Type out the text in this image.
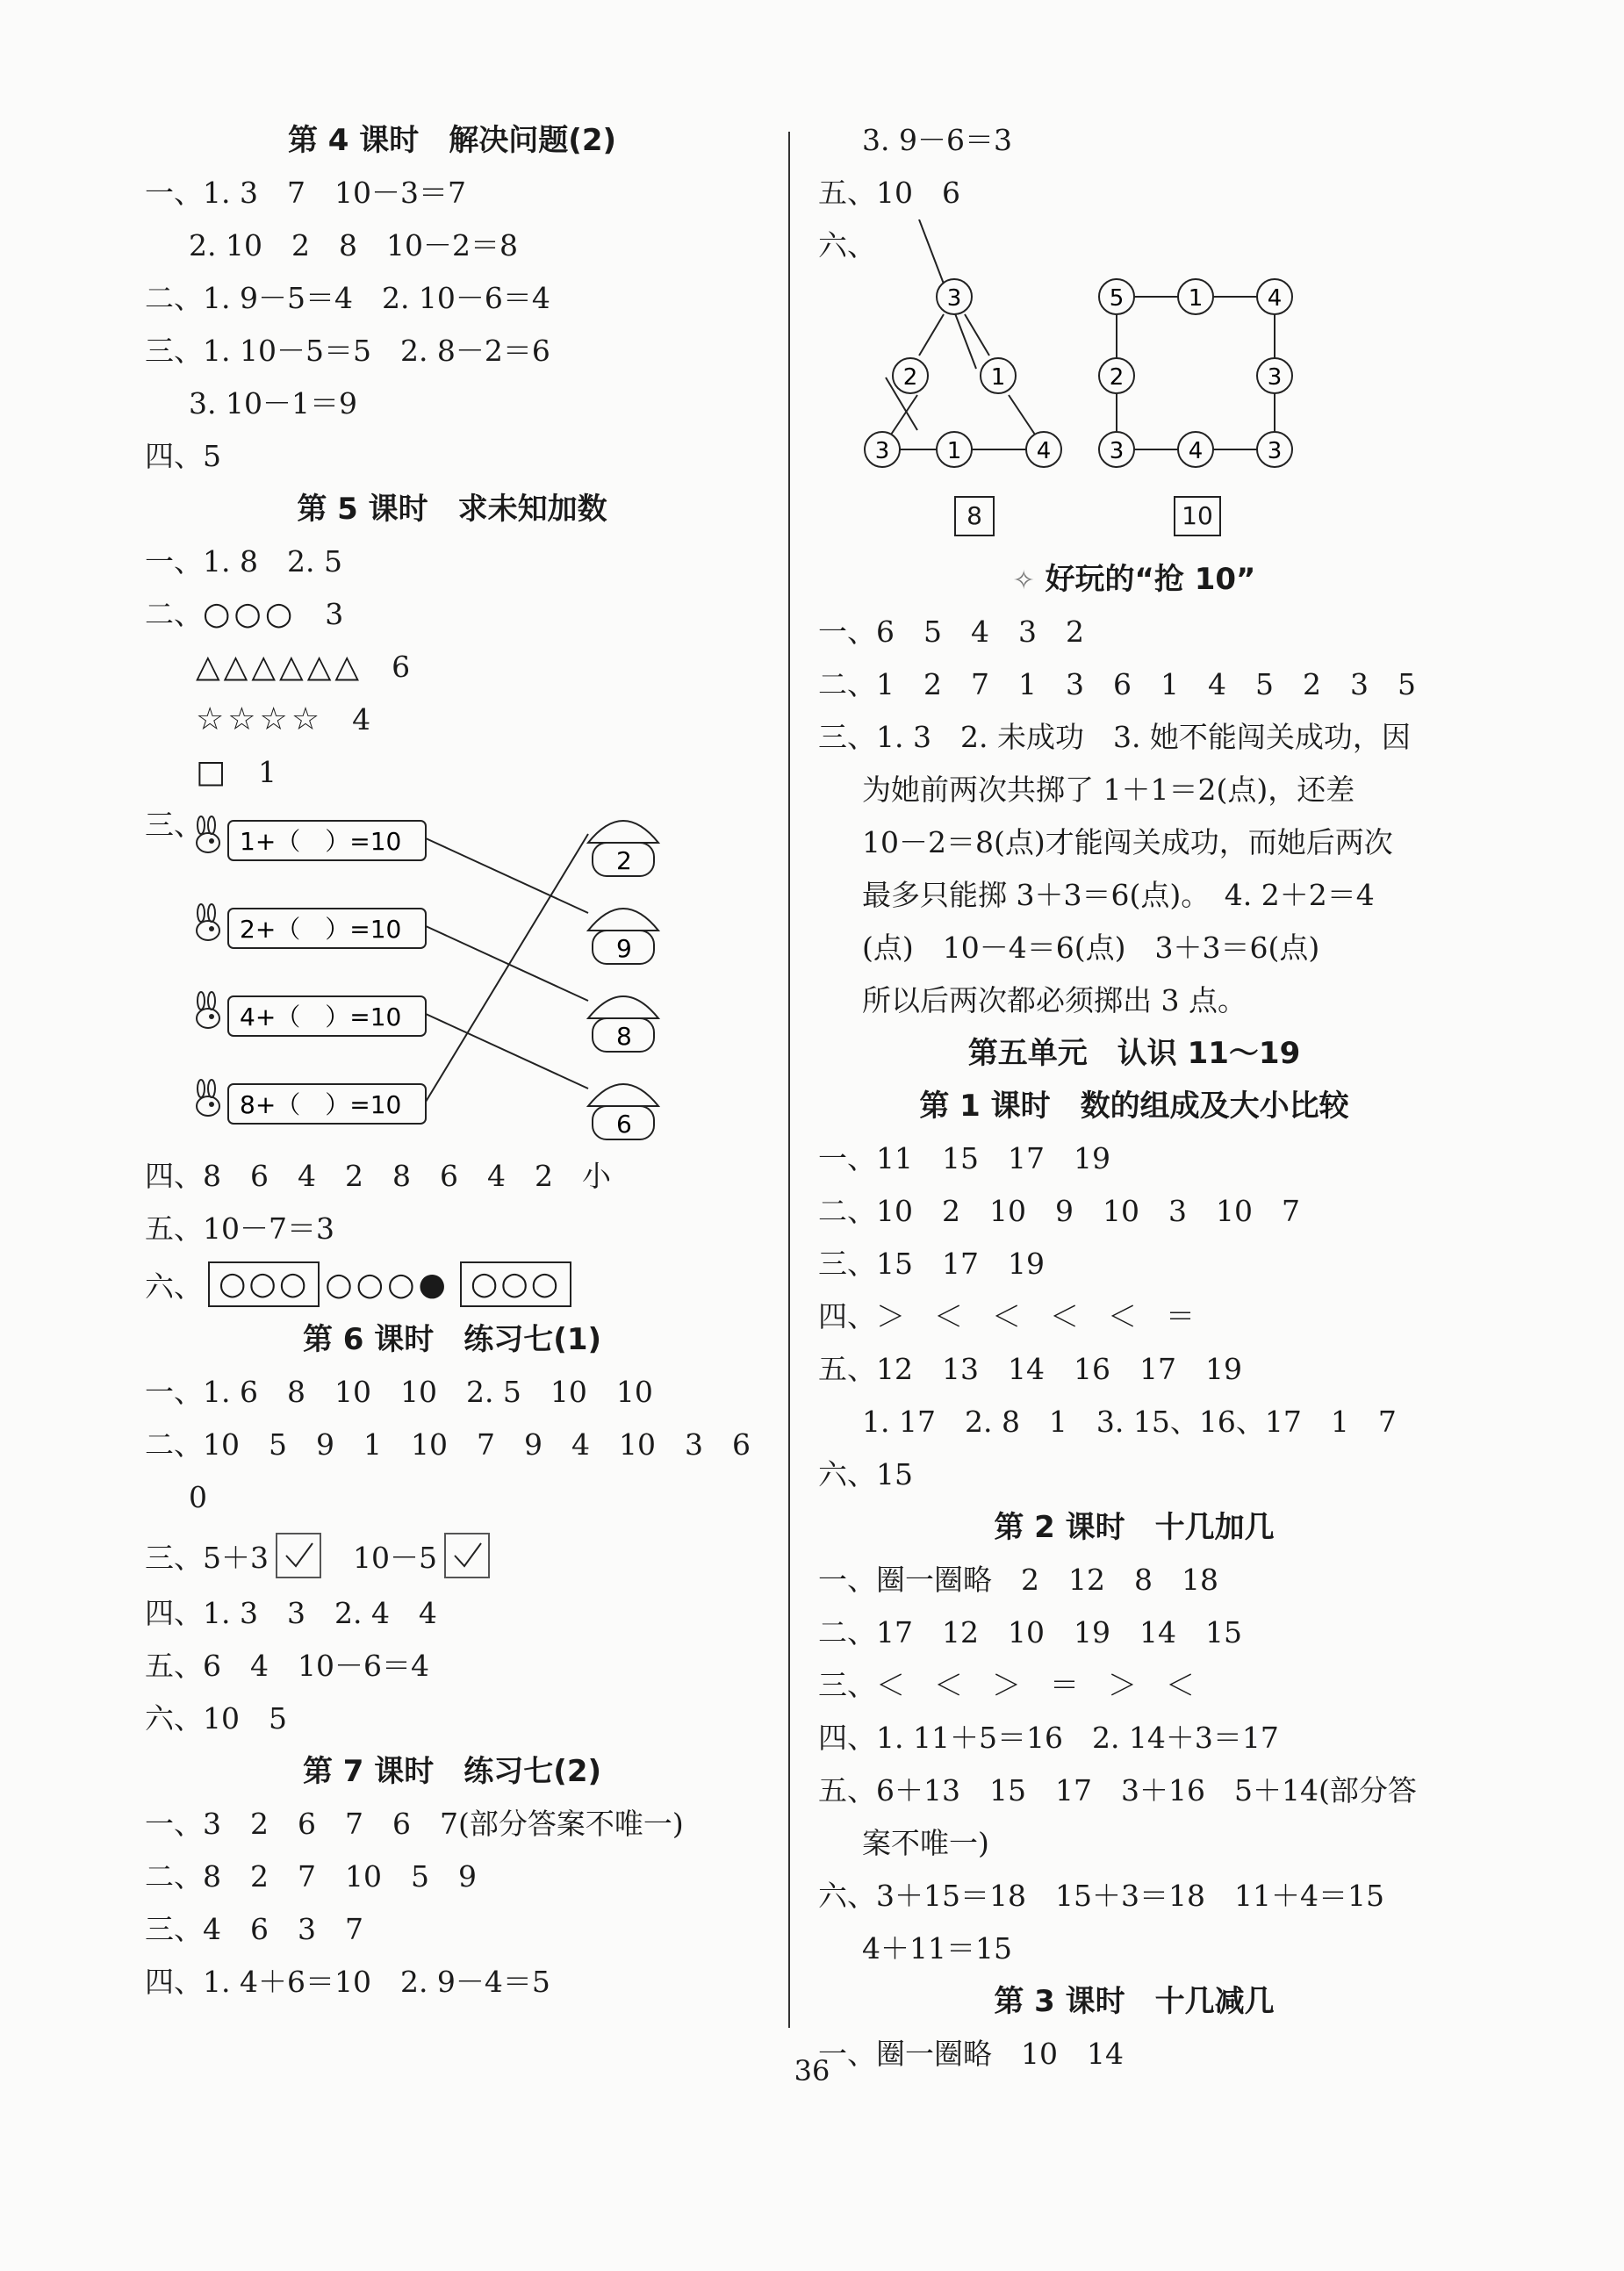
第 4 课时　解决问题(2)
一、1. 3　7　10－3＝7
2. 10　2　8　10－2＝8
二、1. 9－5＝4　2. 10－6＝4
三、1. 10－5＝5　2. 8－2＝6
3. 10－1＝9
四、5
第 5 课时　求未知加数
一、1. 8　2. 5
二、○○○　 3
△△△△△△　 6
☆☆☆☆　 4
□　 1
三、 1+（　）=10
2+（　）=10
4+（　）=10
8+（　）=10
2
9
8
6
四、8　6　4　2　8　6　4　2　小
五、10－7＝3
六、 ○○○ ○○○● ○○○
第 6 课时　练习七(1)
一、1. 6　8　10　10　2. 5　10　10
二、10　5　9　1　10　7　9　4　10　3　6
0
三、 5＋3	10－5
四、1. 3　3　2. 4　4
五、6　4　10－6＝4
六、10　5
第 7 课时　练习七(2)
一、3　2　6　7　6　7(部分答案不唯一)
二、8　2　7　10　5　9
三、4　6　3　7
四、1. 4＋6＝10　2. 9－4＝5
3. 9－6＝3
五、10　6
六、
3
2	1
3	1	4
5	1	4
2	3
3	4	3
8	10
✧ 好玩的“抢 10”
一、6　5　4　3　2
二、1　2　7　1　3　6　1　4　5　2　3　5
三、1. 3　2. 未成功　3. 她不能闯关成功，因
为她前两次共掷了 1＋1＝2(点)，还差
10－2＝8(点)才能闯关成功，而她后两次
最多只能掷 3＋3＝6(点)。　4. 2＋2＝4
(点)　10－4＝6(点)　3＋3＝6(点)
所以后两次都必须掷出 3 点。
第五单元　认识 11～19
第 1 课时　数的组成及大小比较
一、11　15　17　19
二、10　2　10　9　10　3　10　7
三、15　17　19
四、＞　＜　＜　＜　＜　＝
五、12　13　14　16　17　19
1. 17　2. 8　1　3. 15、16、17　1　7
六、15
第 2 课时　十几加几
一、圈一圈略　2　12　8　18
二、17　12　10　19　14　15
三、＜　＜　＞　＝　＞　＜
四、1. 11＋5＝16　2. 14＋3＝17
五、6＋13　15　17　3＋16　5＋14(部分答
案不唯一)
六、3＋15＝18　15＋3＝18　11＋4＝15
4＋11＝15
第 3 课时　十几减几
一、圈一圈略　10　14
36
